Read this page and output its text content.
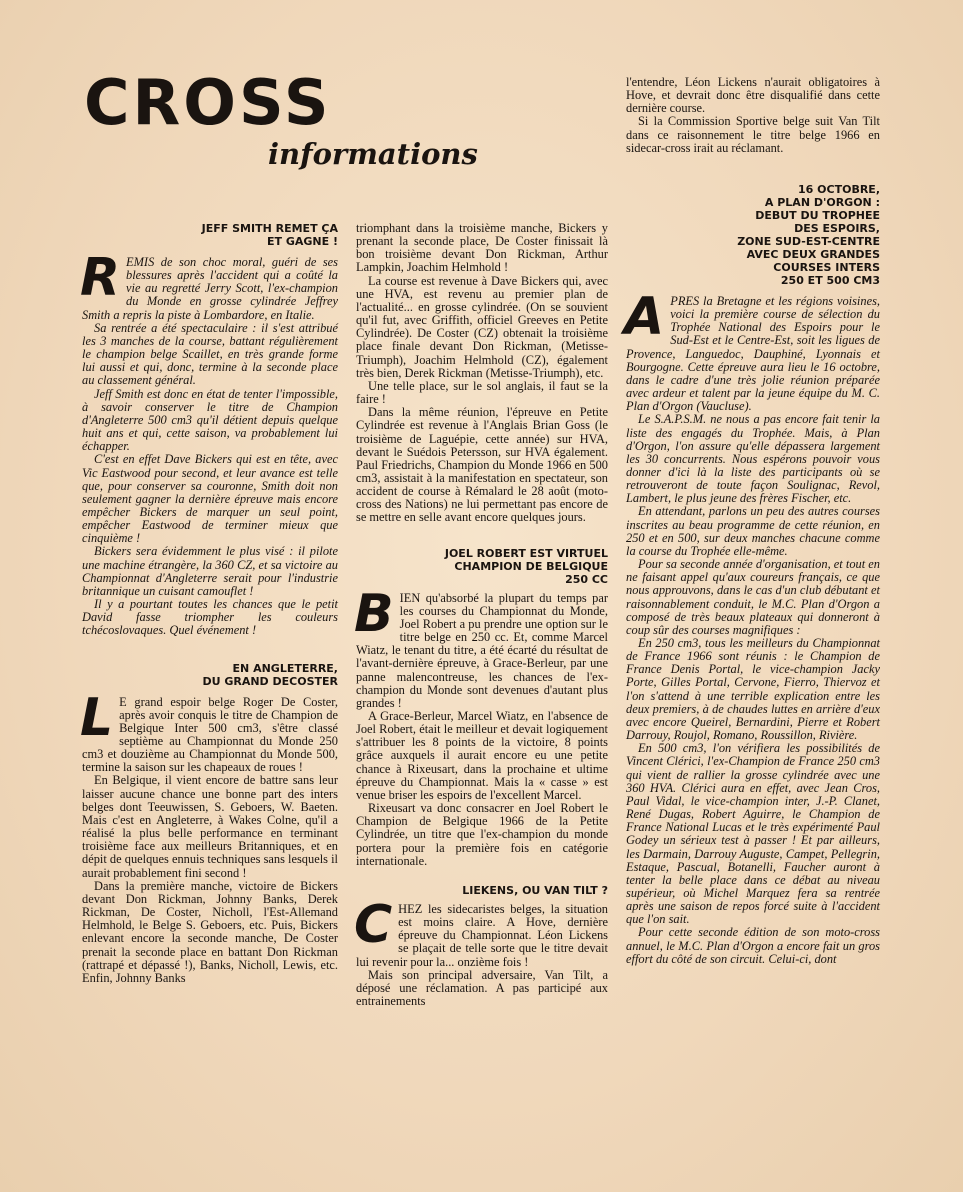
CROSS
informations
JEFF SMITH REMET ÇA
ET GAGNE !

REMIS de son choc moral, guéri de ses blessures après l'accident qui a coûté la vie au regretté Jerry Scott, l'ex-champion du Monde en grosse cylindrée Jeffrey Smith a repris la piste à Lombardore, en Italie.

Sa rentrée a été spectaculaire : il s'est attribué les 3 manches de la course, battant régulièrement le champion belge Scaillet, en très grande forme lui aussi et qui, donc, termine à la seconde place au classement général.

Jeff Smith est donc en état de tenter l'impossible, à savoir conserver le titre de Champion d'Angleterre 500 cm3 qu'il détient depuis quelque huit ans et qui, cette saison, va probablement lui échapper.

C'est en effet Dave Bickers qui est en tête, avec Vic Eastwood pour second, et leur avance est telle que, pour conserver sa couronne, Smith doit non seulement gagner la dernière épreuve mais encore empêcher Bickers de marquer un seul point, empêcher Eastwood de terminer mieux que cinquième !

Bickers sera évidemment le plus visé : il pilote une machine étrangère, la 360 CZ, et sa victoire au Championnat d'Angleterre serait pour l'industrie britannique un cuisant camouflet !

Il y a pourtant toutes les chances que le petit David fasse triompher les couleurs tchécoslovaques. Quel événement !

EN ANGLETERRE,
DU GRAND DECOSTER

L E grand espoir belge Roger De Coster, après avoir conquis le titre de Champion de Belgique Inter 500 cm3, s'être classé septième au Championnat du Monde 250 cm3 et douzième au Championnat du Monde 500, termine la saison sur les chapeaux de roues !

En Belgique, il vient encore de battre sans leur laisser aucune chance une bonne part des inters belges dont Teeuwissen, S. Geboers, W. Baeten. Mais c'est en Angleterre, à Wakes Colne, qu'il a réalisé la plus belle performance en terminant troisième face aux meilleurs Britanniques, et en dépit de quelques ennuis techniques sans lesquels il aurait probablement fini second !

Dans la première manche, victoire de Bickers devant Don Rickman, Johnny Banks, Derek Rickman, De Coster, Nicholl, l'Est-Allemand Helmhold, le Belge S. Geboers, etc. Puis, Bickers enlevant encore la seconde manche, De Coster prenait la seconde place en battant Don Rickman (rattrapé et dépassé !), Banks, Nicholl, Lewis, etc. Enfin, Johnny Banks

triomphant dans la troisième manche, Bickers y prenant la seconde place, De Coster finissait là bon troisième devant Don Rickman, Arthur Lampkin, Joachim Helmhold !

La course est revenue à Dave Bickers qui, avec une HVA, est revenu au premier plan de l'actualité... en grosse cylindrée. (On se souvient qu'il fut, avec Griffith, officiel Greeves en Petite Cylindrée). De Coster (CZ) obtenait la troisième place finale devant Don Rickman, (Metisse-Triumph), Joachim Helmhold (CZ), également très bien, Derek Rickman (Metisse-Triumph), etc.

Une telle place, sur le sol anglais, il faut se la faire !

Dans la même réunion, l'épreuve en Petite Cylindrée est revenue à l'Anglais Brian Goss (le troisième de Laguépie, cette année) sur HVA, devant le Suédois Petersson, sur HVA également. Paul Friedrichs, Champion du Monde 1966 en 500 cm3, assistait à la manifestation en spectateur, son accident de course à Rémalard le 28 août (moto-cross des Nations) ne lui permettant pas encore de se mettre en selle avant encore quelques jours.

JOEL ROBERT EST VIRTUEL
CHAMPION DE BELGIQUE
250 CC

BIEN qu'absorbé la plupart du temps par les courses du Championnat du Monde, Joel Robert a pu prendre une option sur le titre belge en 250 cc. Et, comme Marcel Wiatz, le tenant du titre, a été écarté du résultat de l'avant-dernière épreuve, à Grace-Berleur, par une panne malencontreuse, les chances de l'ex-champion du Monde sont devenues d'autant plus grandes !

A Grace-Berleur, Marcel Wiatz, en l'absence de Joel Robert, était le meilleur et devait logiquement s'attribuer les 8 points de la victoire, 8 points grâce auxquels il aurait encore eu une petite chance à Rixeusart, dans la prochaine et ultime épreuve du Championnat. Mais la « casse » est venue briser les espoirs de l'excellent Marcel.

Rixeusart va donc consacrer en Joel Robert le Champion de Belgique 1966 de la Petite Cylindrée, un titre que l'ex-champion du monde portera pour la première fois en catégorie internationale.

LIEKENS, OU VAN TILT ?

CHEZ les sidecaristes belges, la situation est moins claire. A Hove, dernière épreuve du Championnat. Léon Lickens se plaçait de telle sorte que le titre devait lui revenir pour la... onzième fois !

Mais son principal adversaire, Van Tilt, a déposé une réclamation. A pas participé aux entrainements

l'entendre, Léon Lickens n'aurait obligatoires à Hove, et devrait donc être disqualifié dans cette dernière course.

Si la Commission Sportive belge suit Van Tilt dans ce raisonnement le titre belge 1966 en sidecar-cross irait au réclamant.

16 OCTOBRE,
A PLAN D'ORGON :
DEBUT DU TROPHEE
DES ESPOIRS,
ZONE SUD-EST-CENTRE
AVEC DEUX GRANDES
COURSES INTERS
250 ET 500 CM3

APRES la Bretagne et les régions voisines, voici la première course de sélection du Trophée National des Espoirs pour le Sud-Est et le Centre-Est, soit les ligues de Provence, Languedoc, Dauphiné, Lyonnais et Bourgogne. Cette épreuve aura lieu le 16 octobre, dans le cadre d'une très jolie réunion préparée avec ardeur et talent par la jeune équipe du M. C. Plan d'Orgon (Vaucluse).

Le S.A.P.S.M. ne nous a pas encore fait tenir la liste des engagés du Trophée. Mais, à Plan d'Orgon, l'on assure qu'elle dépassera largement les 30 concurrents. Nous espérons pouvoir vous donner d'ici là la liste des participants où se retrouveront de toute façon Soulignac, Revol, Lambert, le plus jeune des frères Fischer, etc.

En attendant, parlons un peu des autres courses inscrites au beau programme de cette réunion, en 250 et en 500, sur deux manches chacune comme la course du Trophée elle-même.

Pour sa seconde année d'organisation, et tout en ne faisant appel qu'aux coureurs français, ce que nous approuvons, dans le cas d'un club débutant et raisonnablement conduit, le M.C. Plan d'Orgon a composé de très beaux plateaux qui donneront à coup sûr des courses magnifiques :

En 250 cm3, tous les meilleurs du Championnat de France 1966 sont réunis : le Champion de France Denis Portal, le vice-champion Jacky Porte, Gilles Portal, Cervone, Fierro, Thiervoz et l'on s'attend à une terrible explication entre les deux premiers, à de chaudes luttes en arrière d'eux avec encore Queirel, Bernardini, Pierre et Robert Darrouy, Roujol, Romano, Roussillon, Rivière.

En 500 cm3, l'on vérifiera les possibilités de Vincent Clérici, l'ex-Champion de France 250 cm3 qui vient de rallier la grosse cylindrée avec une 360 HVA. Clérici aura en effet, avec Jean Cros, Paul Vidal, le vice-champion inter, J.-P. Clanet, René Dugas, Robert Aguirre, le Champion de France National Lucas et le très expérimenté Paul Godey un sérieux test à passer ! Et par ailleurs, les Darmain, Darrouy Auguste, Campet, Pellegrin, Estaque, Pascual, Botanelli, Faucher auront à tenter la belle place dans ce débat au niveau supérieur, où Michel Marquez fera sa rentrée après une saison de repos forcé suite à l'accident que l'on sait.

Pour cette seconde édition de son moto-cross annuel, le M.C. Plan d'Orgon a encore fait un gros effort du côté de son circuit. Celui-ci, dont
